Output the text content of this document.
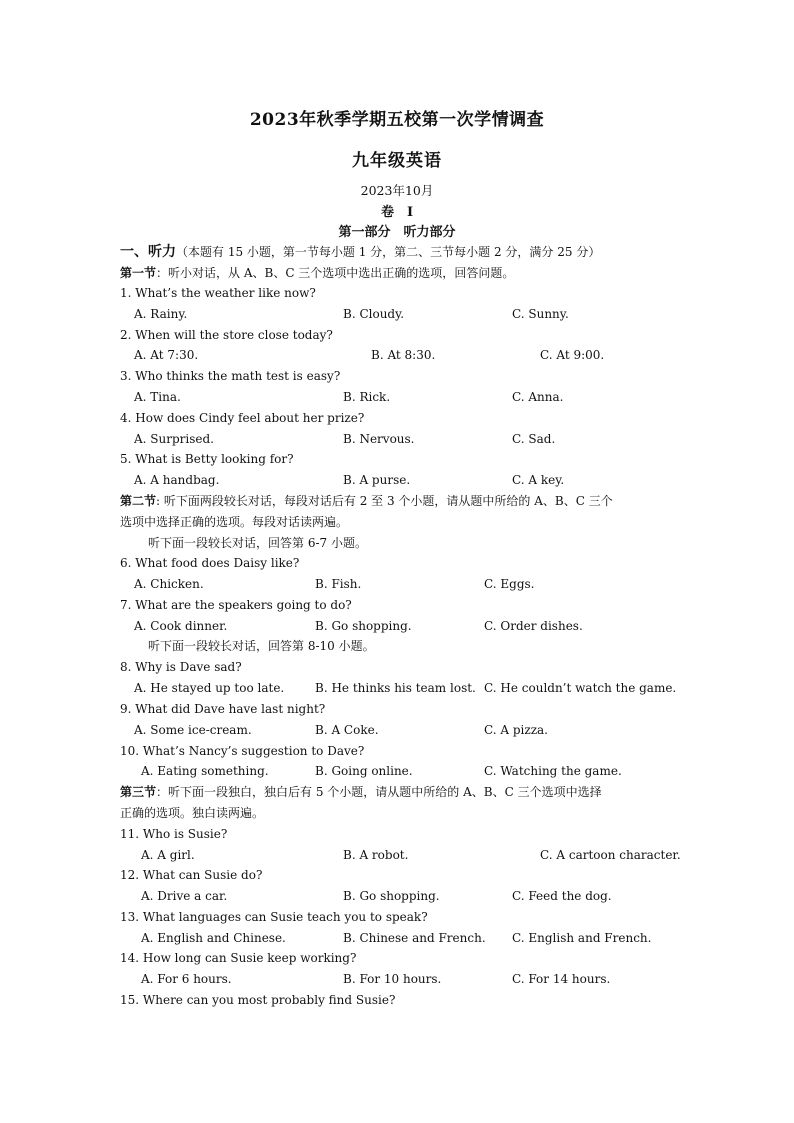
2023年秋季学期五校第一次学情调查
九年级英语
2023年10月
卷　Ⅰ
第一部分　听力部分
一、听力（本题有 15 小题，第一节每小题 1 分，第二、三节每小题 2 分，满分 25 分）
第一节：听小对话，从 A、B、C 三个选项中选出正确的选项，回答问题。
1. What’s the weather like now?
A. Rainy.	B. Cloudy.	C. Sunny.
2. When will the store close today?
A. At 7:30.	B. At 8:30.	C. At 9:00.
3. Who thinks the math test is easy?
A. Tina.	B. Rick.	C. Anna.
4. How does Cindy feel about her prize?
A. Surprised.	B. Nervous.	C. Sad.
5. What is Betty looking for?
A. A handbag.	B. A purse.	C. A key.
第二节: 听下面两段较长对话，每段对话后有 2 至 3 个小题，请从题中所给的 A、B、C 三个
选项中选择正确的选项。每段对话读两遍。
听下面一段较长对话，回答第 6-7 小题。
6. What food does Daisy like?
A. Chicken.	B. Fish.	C. Eggs.
7. What are the speakers going to do?
A. Cook dinner.	B. Go shopping.	C. Order dishes.
听下面一段较长对话，回答第 8-10 小题。
8. Why is Dave sad?
A. He stayed up too late.	B. He thinks his team lost. C. He couldn’t watch the game.
9. What did Dave have last night?
A. Some ice-cream.	B. A Coke.	C. A pizza.
10. What’s Nancy’s suggestion to Dave?
A. Eating something.	B. Going online.	C. Watching the game.
第三节：听下面一段独白，独白后有 5 个小题，请从题中所给的 A、B、C 三个选项中选择
正确的选项。独白读两遍。
11. Who is Susie?
A. A girl.	B. A robot.	C. A cartoon character.
12. What can Susie do?
A. Drive a car.	B. Go shopping.	C. Feed the dog.
13. What languages can Susie teach you to speak?
A. English and Chinese.	B. Chinese and French. C. English and French.
14. How long can Susie keep working?
A. For 6 hours.	B. For 10 hours.	C. For 14 hours.
15. Where can you most probably find Susie?
